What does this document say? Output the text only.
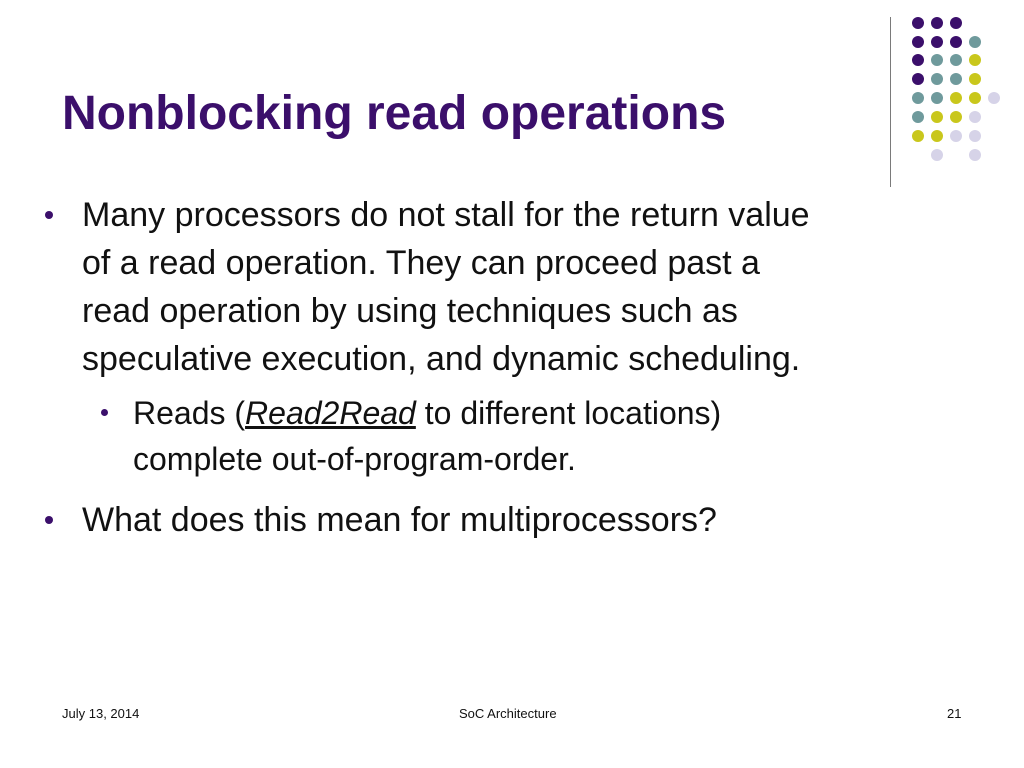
Nonblocking read operations
Many processors do not stall for the return value
of a read operation. They can proceed past a
read operation by using techniques such as
speculative execution, and dynamic scheduling.
Reads (Read2Read to different locations)
complete out-of-program-order.
What does this mean for multiprocessors?
July 13, 2014	SoC Architecture	21
